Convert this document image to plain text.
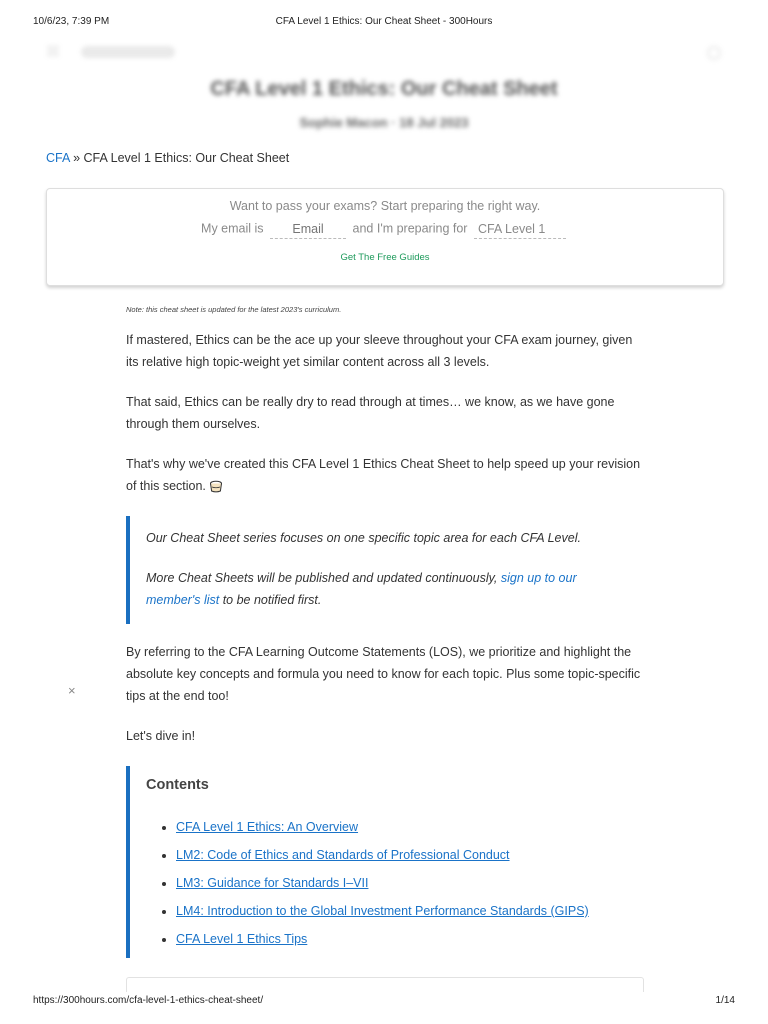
10/6/23, 7:39 PM	CFA Level 1 Ethics: Our Cheat Sheet - 300Hours
CFA Level 1 Ethics: Our Cheat Sheet
Sophie Macon · 18 Jul 2023
CFA » CFA Level 1 Ethics: Our Cheat Sheet
Want to pass your exams? Start preparing the right way.
My email is Email	and I'm preparing for CFA Level 1
Get The Free Guides
Note: this cheat sheet is updated for the latest 2023's curriculum.

If mastered, Ethics can be the ace up your sleeve throughout your CFA exam journey, given its relative high topic-weight yet similar content across all 3 levels.

That said, Ethics can be really dry to read through at times… we know, as we have gone through them ourselves.

That's why we've created this CFA Level 1 Ethics Cheat Sheet to help speed up your revision of this section.

Our Cheat Sheet series focuses on one specific topic area for each CFA Level.

More Cheat Sheets will be published and updated continuously, sign up to our member's list to be notified first.

×

By referring to the CFA Learning Outcome Statements (LOS), we prioritize and highlight the absolute key concepts and formula you need to know for each topic. Plus some topic-specific tips at the end too!

Let's dive in!

Contents
• CFA Level 1 Ethics: An Overview
• LM2: Code of Ethics and Standards of Professional Conduct
• LM3: Guidance for Standards I–VII
• LM4: Introduction to the Global Investment Performance Standards (GIPS)
• CFA Level 1 Ethics Tips
https://300hours.com/cfa-level-1-ethics-cheat-sheet/	1/14
